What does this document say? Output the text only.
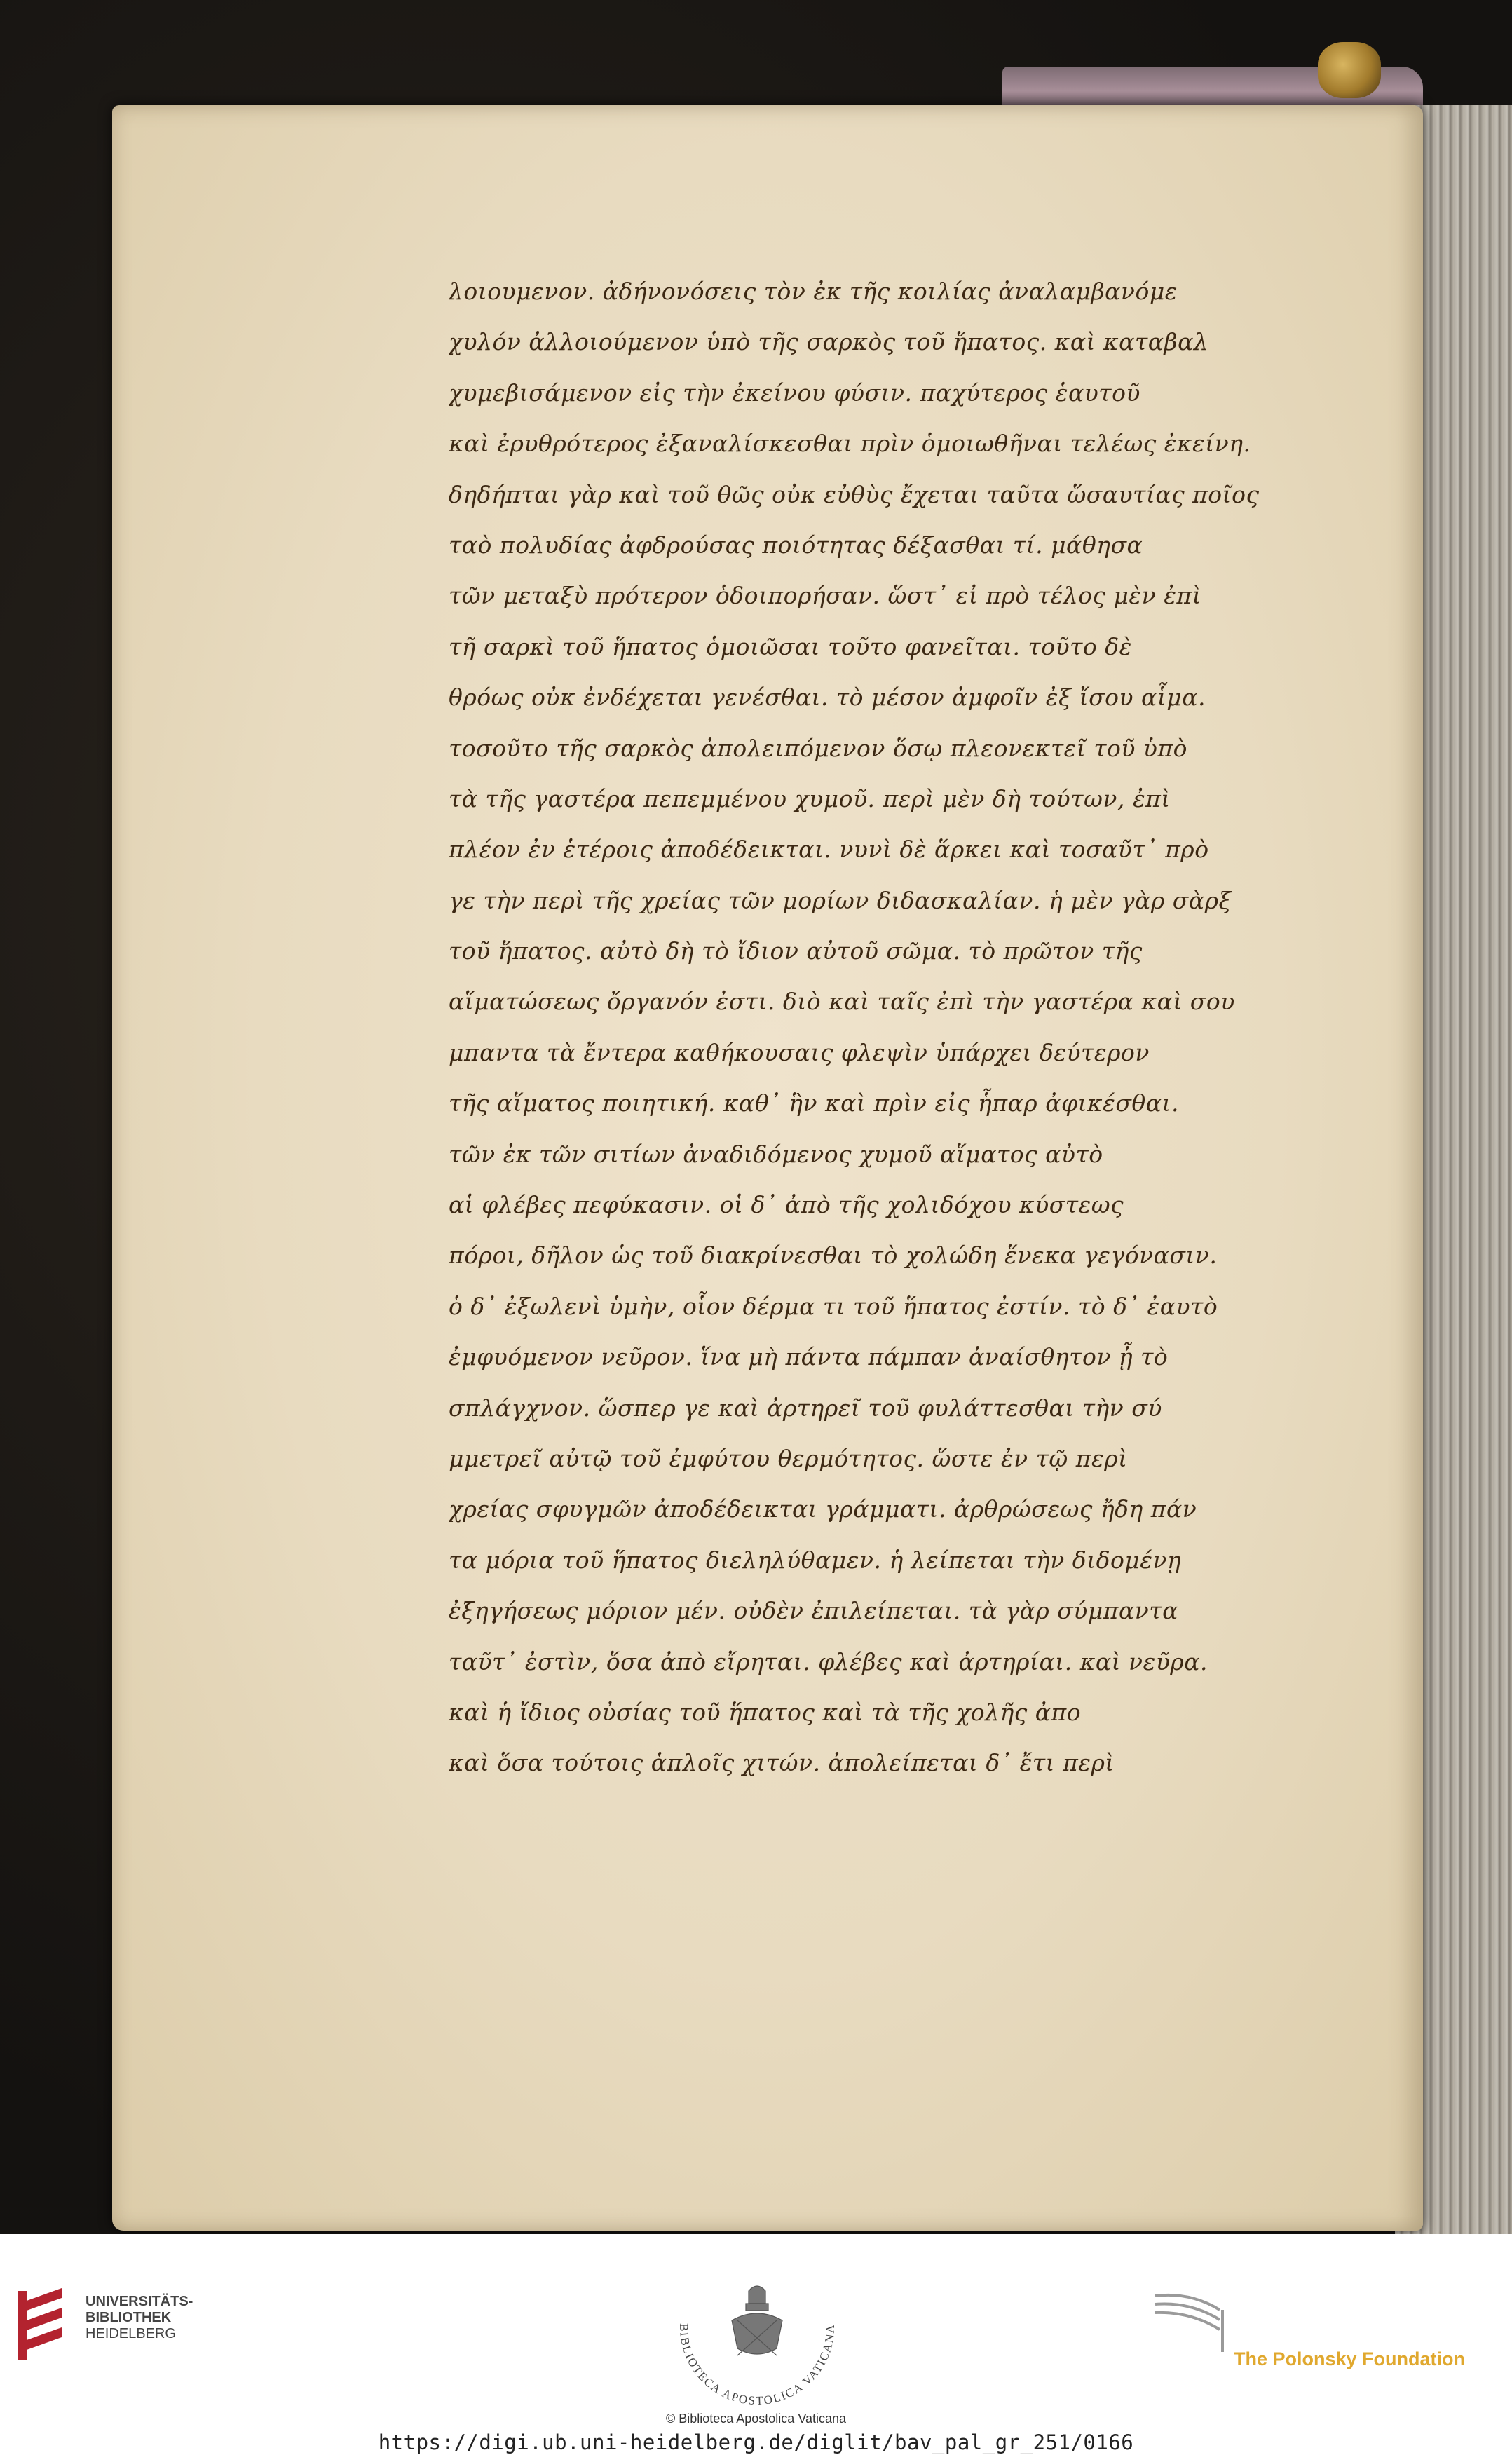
λοιουμενον. ἀδήνονόσεις τὸν ἐκ τῆς κοιλίας ἀναλαμβανόμε
χυλόν ἀλλοιούμενον ὑπὸ τῆς σαρκὸς τοῦ ἥπατος. καὶ καταβαλ
χυμεβισάμενον εἰς τὴν ἐκείνου φύσιν. παχύτερος ἑαυτοῦ
καὶ ἐρυθρότερος ἐξαναλίσκεσθαι πρὶν ὁμοιωθῆναι τελέως ἐκείνη.
δηδήπται γὰρ καὶ τοῦ θῶς οὐκ εὐθὺς ἔχεται ταῦτα ὥσαυτίας ποῖος
ταὸ πολυδίας ἀφδρούσας ποιότητας δέξασθαι τί. μάθησα
τῶν μεταξὺ πρότερον ὁδοιπορήσαν. ὥστ᾿ εἰ πρὸ τέλος μὲν ἐπὶ
τῆ σαρκὶ τοῦ ἥπατος ὁμοιῶσαι τοῦτο φανεῖται. τοῦτο δὲ
θρόως οὐκ ἐνδέχεται γενέσθαι. τὸ μέσον ἀμφοῖν ἐξ ἴσου αἷμα.
τοσοῦτο τῆς σαρκὸς ἀπολειπόμενον ὅσῳ πλεονεκτεῖ τοῦ ὑπὸ
τὰ τῆς γαστέρα πεπεμμένου χυμοῦ. περὶ μὲν δὴ τούτων, ἐπὶ
πλέον ἐν ἑτέροις ἀποδέδεικται. νυνὶ δὲ ἅρκει καὶ τοσαῦτ᾿ πρὸ
γε τὴν περὶ τῆς χρείας τῶν μορίων διδασκαλίαν. ἡ μὲν γὰρ σὰρξ
τοῦ ἥπατος. αὐτὸ δὴ τὸ ἴδιον αὐτοῦ σῶμα. τὸ πρῶτον τῆς
αἵματώσεως ὄργανόν ἐστι. διὸ καὶ ταῖς ἐπὶ τὴν γαστέρα καὶ σου
μπαντα τὰ ἔντερα καθήκουσαις φλεψὶν ὑπάρχει δεύτερον
τῆς αἵματος ποιητική. καθ᾽ ἣν καὶ πρὶν εἰς ἧπαρ ἀφικέσθαι.
τῶν ἐκ τῶν σιτίων ἀναδιδόμενος χυμοῦ αἵματος αὐτὸ
αἱ φλέβες πεφύκασιν. οἱ δ᾽ ἀπὸ τῆς χολιδόχου κύστεως
πόροι, δῆλον ὡς τοῦ διακρίνεσθαι τὸ χολώδη ἕνεκα γεγόνασιν.
ὁ δ᾽ ἐξωλενὶ ὑμὴν, οἷον δέρμα τι τοῦ ἥπατος ἐστίν. τὸ δ᾽ ἐαυτὸ
ἐμφυόμενον νεῦρον. ἵνα μὴ πάντα πάμπαν ἀναίσθητον ᾖ τὸ
σπλάγχνον. ὥσπερ γε καὶ ἀρτηρεῖ τοῦ φυλάττεσθαι τὴν σύ
μμετρεῖ αὐτῷ τοῦ ἐμφύτου θερμότητος. ὥστε ἐν τῷ περὶ
χρείας σφυγμῶν ἀποδέδεικται γράμματι. ἀρθρώσεως ἤδη πάν
τα μόρια τοῦ ἥπατος διεληλύθαμεν. ἡ λείπεται τὴν διδομένῃ
ἐξηγήσεως μόριον μέν. οὐδὲν ἐπιλείπεται. τὰ γὰρ σύμπαντα
ταῦτ᾿ ἐστὶν, ὅσα ἀπὸ εἴρηται. φλέβες καὶ ἀρτηρίαι. καὶ νεῦρα.
καὶ ἡ ἴδιος οὐσίας τοῦ ἥπατος καὶ τὰ τῆς χολῆς ἀπο
καὶ ὅσα τούτοις ἁπλοῖς χιτών. ἀπολείπεται δ᾽ ἔτι περὶ
UNIVERSITÄTS-
BIBLIOTHEK
HEIDELBERG	BIBLIOTECA APOSTOLICA VATICANA
© Biblioteca Apostolica Vaticana
The Polonsky Foundation
https://digi.ub.uni-heidelberg.de/diglit/bav_pal_gr_251/0166
